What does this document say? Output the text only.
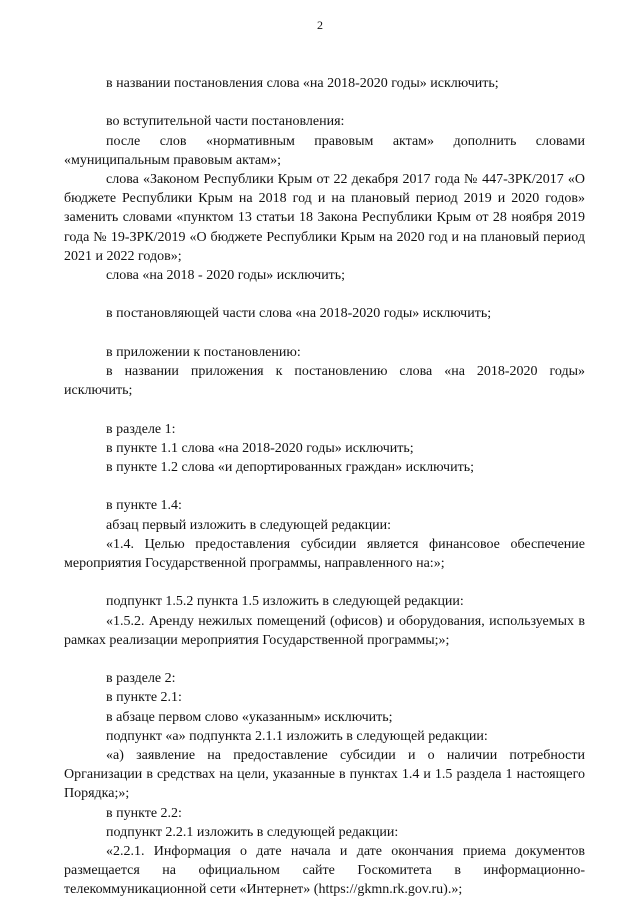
2

в названии постановления слова «на 2018-2020 годы» исключить;

во вступительной части постановления:

после слов «нормативным правовым актам» дополнить словами «муниципальным правовым актам»;

слова «Законом Республики Крым от 22 декабря 2017 года № 447-ЗРК/2017 «О бюджете Республики Крым на 2018 год и на плановый период 2019 и 2020 годов» заменить словами «пунктом 13 статьи 18 Закона Республики Крым от 28 ноября 2019 года № 19-ЗРК/2019 «О бюджете Республики Крым на 2020 год и на плановый период 2021 и 2022 годов»;

слова «на 2018 - 2020 годы» исключить;

в постановляющей части слова «на 2018-2020 годы» исключить;

в приложении к постановлению:

в названии приложения к постановлению слова «на 2018-2020 годы» исключить;

в разделе 1:

в пункте 1.1 слова «на 2018-2020 годы» исключить;

в пункте 1.2 слова «и депортированных граждан» исключить;

в пункте 1.4:

абзац первый изложить в следующей редакции:

«1.4. Целью предоставления субсидии является финансовое обеспечение мероприятия Государственной программы, направленного на:»;

подпункт 1.5.2 пункта 1.5 изложить в следующей редакции:

«1.5.2. Аренду нежилых помещений (офисов) и оборудования, используемых в рамках реализации мероприятия Государственной программы;»;

в разделе 2:

в пункте 2.1:

в абзаце первом слово «указанным» исключить;

подпункт «а» подпункта 2.1.1 изложить в следующей редакции:

«а) заявление на предоставление субсидии и о наличии потребности Организации в средствах на цели, указанные в пунктах 1.4 и 1.5 раздела 1 настоящего Порядка;»;

в пункте 2.2:

подпункт 2.2.1 изложить в следующей редакции:

«2.2.1. Информация о дате начала и дате окончания приема документов размещается на официальном сайте Госкомитета в информационно-телекоммуникационной сети «Интернет» (https://gkmn.rk.gov.ru).»;
